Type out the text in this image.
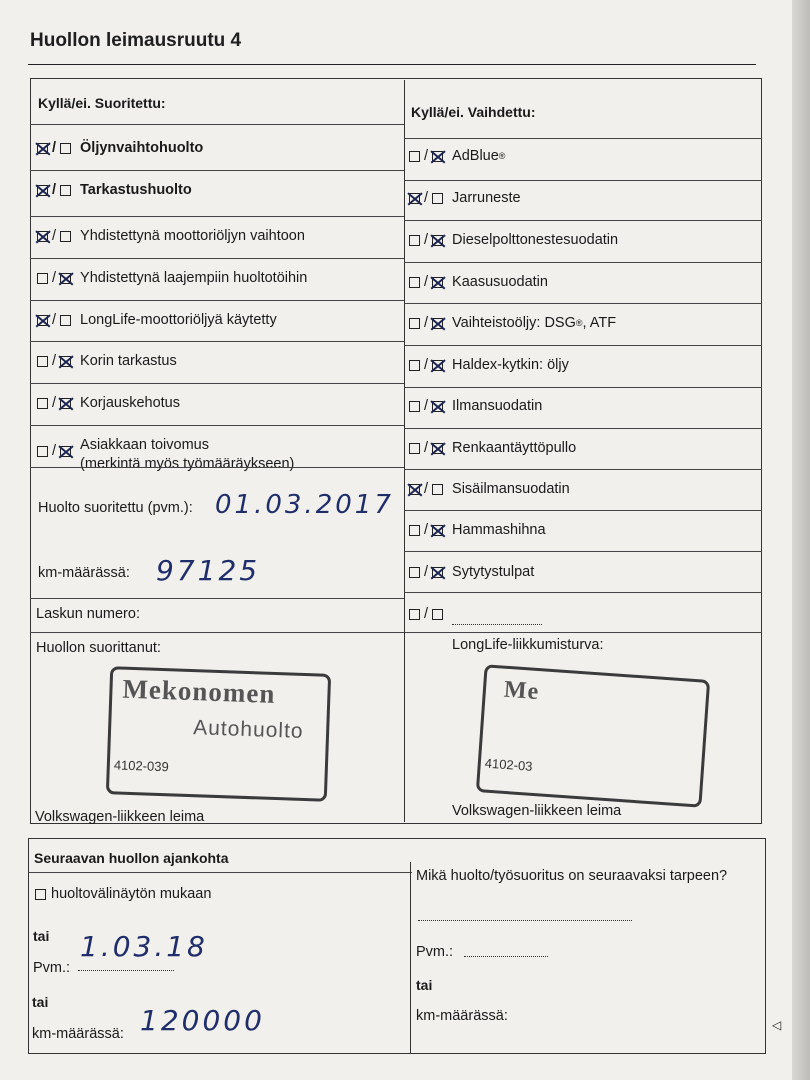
Huollon leimausruutu 4
Kyllä/ei. Suoritettu:
Kyllä/ei. Vaihdettu:
/ Öljynvaihtohuolto
/ Tarkastushuolto
/ Yhdistettynä moottoriöljyn vaihtoon
/ Yhdistettynä laajempiin huoltotöihin
/ LongLife-moottoriöljyä käytetty
/ Korin tarkastus
/ Korjauskehotus
/ AdBlue ®
/ Jarruneste
/ Dieselpolttonestesuodatin
/ Kaasusuodatin
/ Vaihteistoöljy: DSG ® , ATF
/ Haldex-kytkin: öljy
/ Ilmansuodatin
/ Renkaantäyttöpullo
/ Sisäilmansuodatin
/ Hammashihna
/ Sytytystulpat
/ Asiakkaan toivomus
(merkintä myös työmääräykseen)
Huolto suoritettu (pvm.): 01.03.2017
km-määrässä: 97125
Laskun numero:	/
Huollon suorittanut:	LongLife-liikkumisturva:
Mekonomen
Autohuolto
4102-039
Me
4102-03
Volkswagen-liikkeen leima	Volkswagen-liikkeen leima
Seuraavan huollon ajankohta
huoltovälinäytön mukaan
tai
Pvm.:
1.03.18
tai
km-määrässä: 120000
Mikä huolto/työsuoritus on seuraavaksi tarpeen?
Pvm.:
tai
km-määrässä:
◁
